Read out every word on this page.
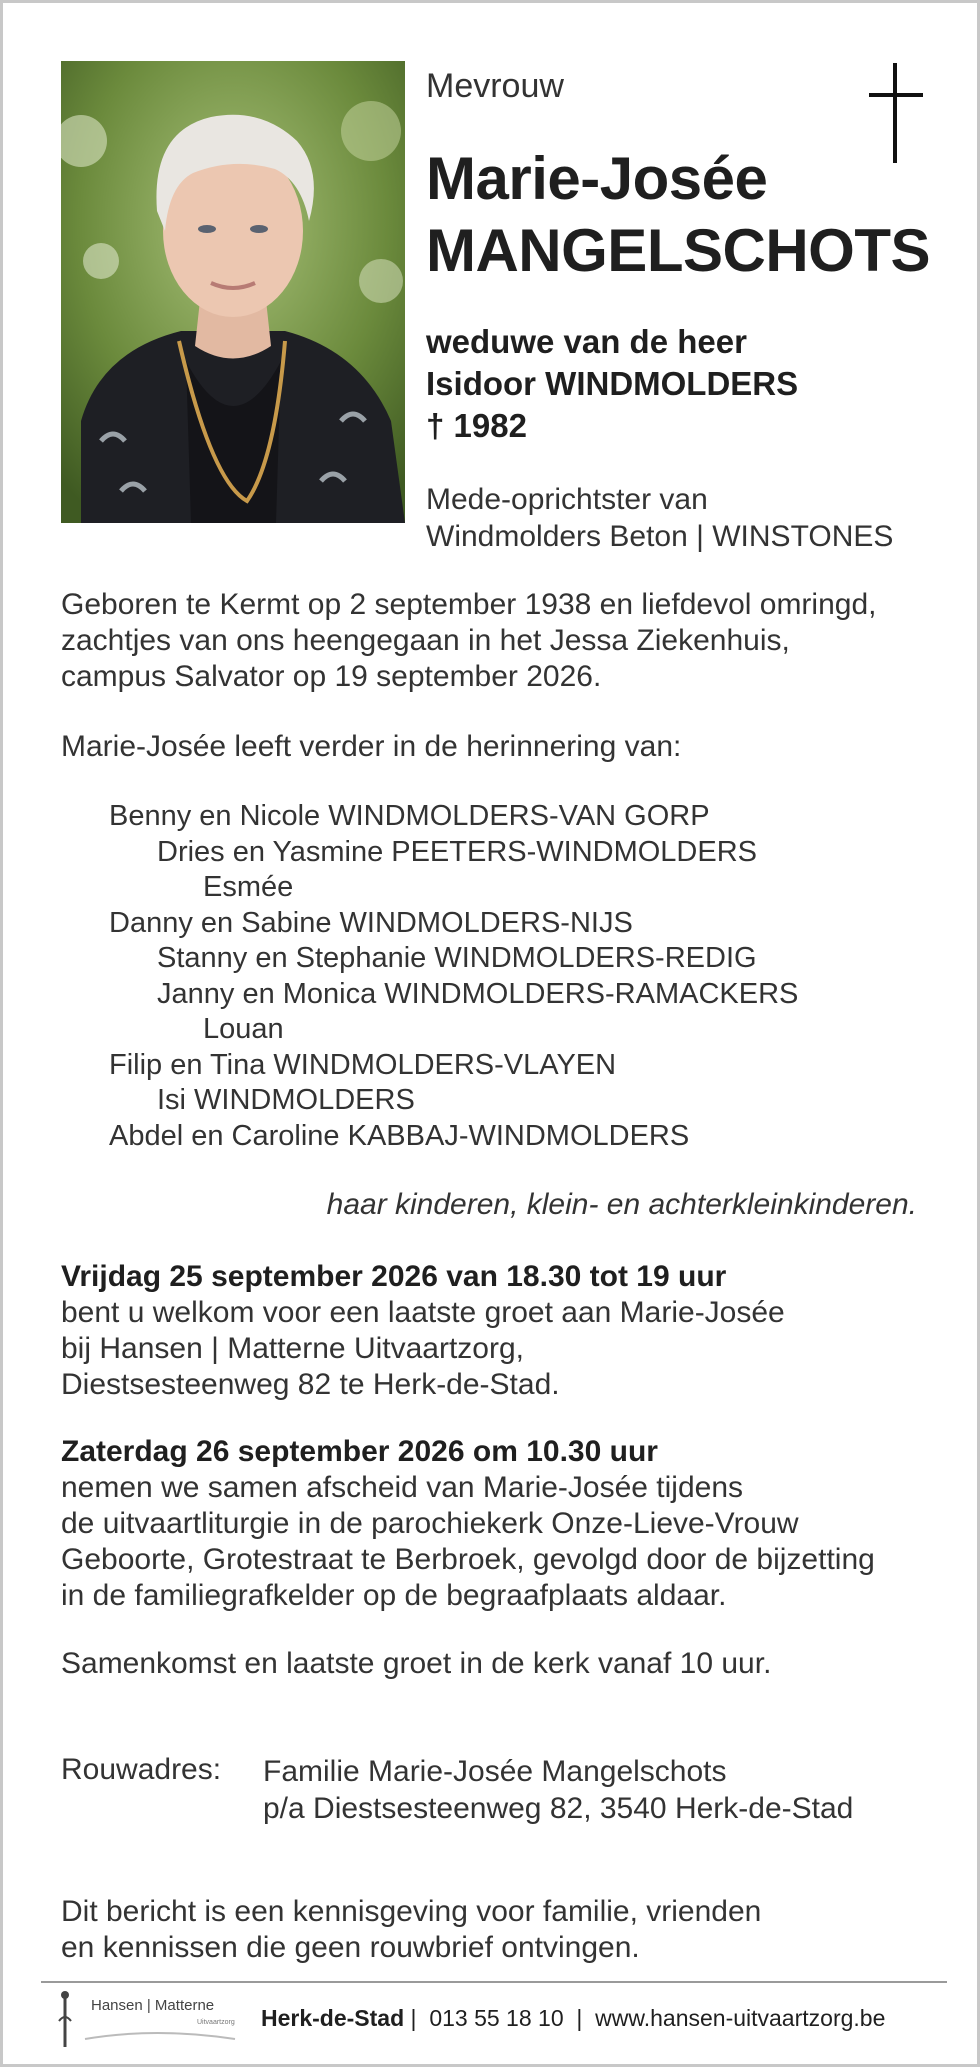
Mevrouw
Marie-Josée
MANGELSCHOTS
weduwe van de heer
Isidoor WINDMOLDERS
† 1982
Mede-oprichtster van
Windmolders Beton | WINSTONES
Geboren te Kermt op 2 september 1938 en liefdevol omringd,
zachtjes van ons heengegaan in het Jessa Ziekenhuis,
campus Salvator op 19 september 2026.
Marie-Josée leeft verder in de herinnering van:
Benny en Nicole WINDMOLDERS-VAN GORP
Dries en Yasmine PEETERS-WINDMOLDERS
Esmée
Danny en Sabine WINDMOLDERS-NIJS
Stanny en Stephanie WINDMOLDERS-REDIG
Janny en Monica WINDMOLDERS-RAMACKERS
Louan
Filip en Tina WINDMOLDERS-VLAYEN
Isi WINDMOLDERS
Abdel en Caroline KABBAJ-WINDMOLDERS
haar kinderen, klein- en achterkleinkinderen.
Vrijdag 25 september 2026 van 18.30 tot 19 uur
bent u welkom voor een laatste groet aan Marie-Josée
bij Hansen | Matterne Uitvaartzorg,
Diestsesteenweg 82 te Herk-de-Stad.
Zaterdag 26 september 2026 om 10.30 uur
nemen we samen afscheid van Marie-Josée tijdens
de uitvaartliturgie in de parochiekerk Onze-Lieve-Vrouw
Geboorte, Grotestraat te Berbroek, gevolgd door de bijzetting
in de familiegrafkelder op de begraafplaats aldaar.
Samenkomst en laatste groet in de kerk vanaf 10 uur.
Rouwadres: Familie Marie-Josée Mangelschots
p/a Diestsesteenweg 82, 3540 Herk-de-Stad
Dit bericht is een kennisgeving voor familie, vrienden
en kennissen die geen rouwbrief ontvingen.
Hansen | Matterne
Uitvaartzorg Herk-de-Stad | 013 55 18 10 | www.hansen-uitvaartzorg.be
